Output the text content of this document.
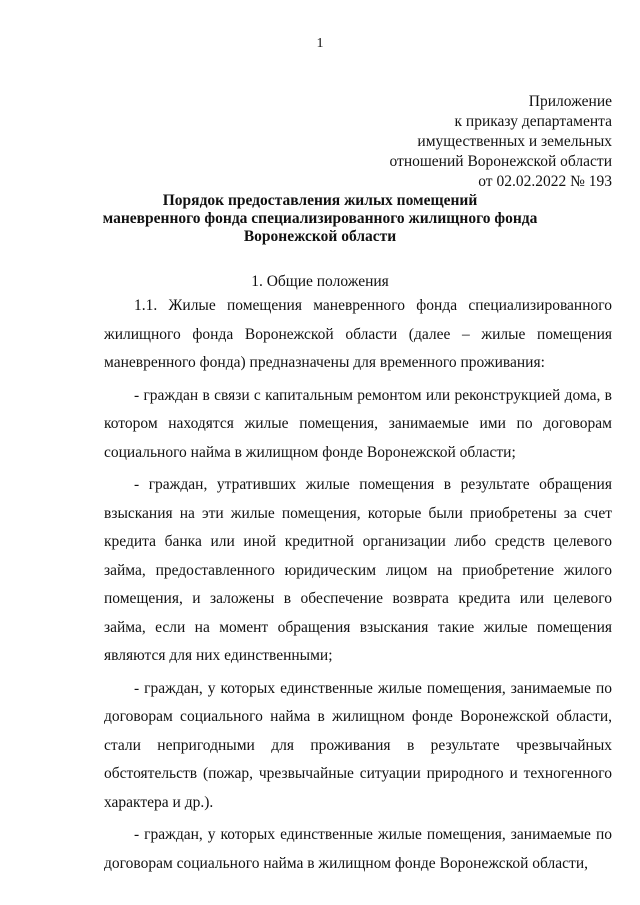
1
Приложение
к приказу департамента
имущественных и земельных
отношений Воронежской области
от 02.02.2022 № 193
Порядок предоставления жилых помещений
маневренного фонда специализированного жилищного фонда
Воронежской области
1. Общие положения

1.1. Жилые помещения маневренного фонда специализированного жилищного фонда Воронежской области (далее – жилые помещения маневренного фонда) предназначены для временного проживания:

- граждан в связи с капитальным ремонтом или реконструкцией дома, в котором находятся жилые помещения, занимаемые ими по договорам социального найма в жилищном фонде Воронежской области;

- граждан, утративших жилые помещения в результате обращения взыскания на эти жилые помещения, которые были приобретены за счет кредита банка или иной кредитной организации либо средств целевого займа, предоставленного юридическим лицом на приобретение жилого помещения, и заложены в обеспечение возврата кредита или целевого займа, если на момент обращения взыскания такие жилые помещения являются для них единственными;

- граждан, у которых единственные жилые помещения, занимаемые по договорам социального найма в жилищном фонде Воронежской области, стали непригодными для проживания в результате чрезвычайных обстоятельств (пожар, чрезвычайные ситуации природного и техногенного характера и др.).

- граждан, у которых единственные жилые помещения, занимаемые по договорам социального найма в жилищном фонде Воронежской области,
